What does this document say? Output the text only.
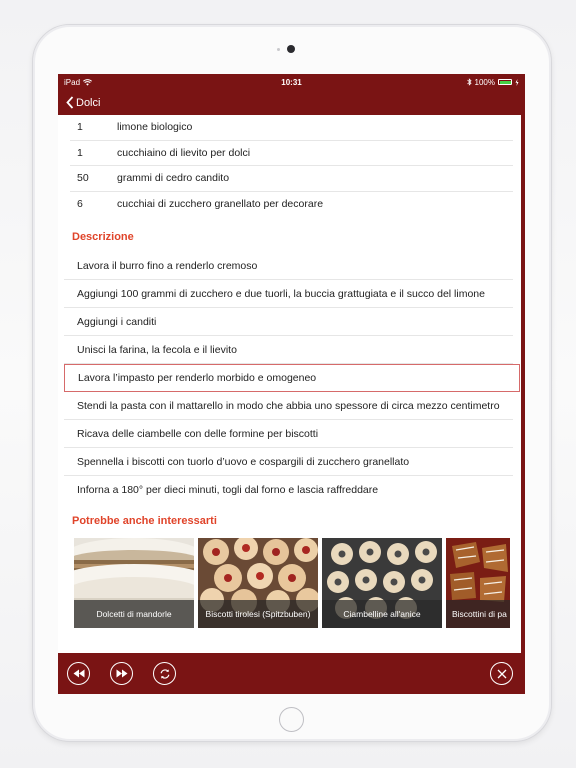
iPad	10:31	100%
Dolci
1	limone biologico
1	cucchiaino di lievito per dolci
50	grammi di cedro candito
6	cucchiai di zucchero granellato per decorare
Descrizione
Lavora il burro fino a renderlo cremoso
Aggiungi 100 grammi di zucchero e due tuorli, la buccia grattugiata e il succo del limone
Aggiungi i canditi
Unisci la farina, la fecola e il lievito
Lavora l’impasto per renderlo morbido e omogeneo
Stendi la pasta con il mattarello in modo che abbia uno spessore di circa mezzo centimetro
Ricava delle ciambelle con delle formine per biscotti
Spennella i biscotti con tuorlo d’uovo e cospargili di zucchero granellato
Inforna a 180° per dieci minuti, togli dal forno e lascia raffreddare
Potrebbe anche interessarti
Dolcetti di mandorle	Biscotti tirolesi (Spitzbuben)	Ciambelline all'anice	Biscottini di pa
